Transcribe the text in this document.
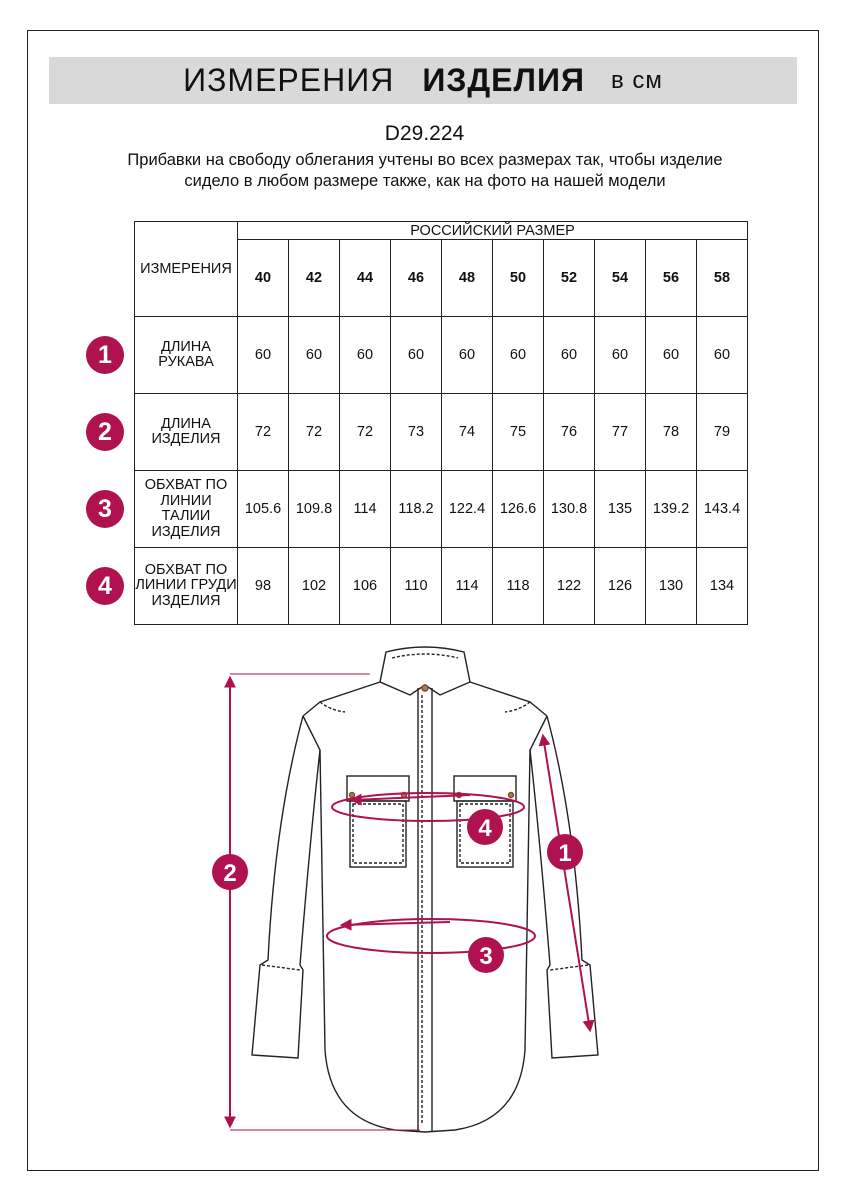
ИЗМЕРЕНИЯ ИЗДЕЛИЯ в см
D29.224
Прибавки на свободу облегания учтены во всех размерах так, чтобы изделие сидело в любом размере также, как на фото на нашей модели
ИЗМЕРЕНИЯ	РОССИЙСКИЙ РАЗМЕР									
	40	42	44	46	48	50	52	54	56	58
ДЛИНА РУКАВА	60	60	60	60	60	60	60	60	60	60
ДЛИНА ИЗДЕЛИЯ	72	72	72	73	74	75	76	77	78	79
ОБХВАТ ПО ЛИНИИ ТАЛИИ ИЗДЕЛИЯ	105.6	109.8	114	118.2	122.4	126.6	130.8	135	139.2	143.4
ОБХВАТ ПО ЛИНИИ ГРУДИ ИЗДЕЛИЯ	98	102	106	110	114	118	122	126	130	134
1
2
3
4
2
1
4
3
